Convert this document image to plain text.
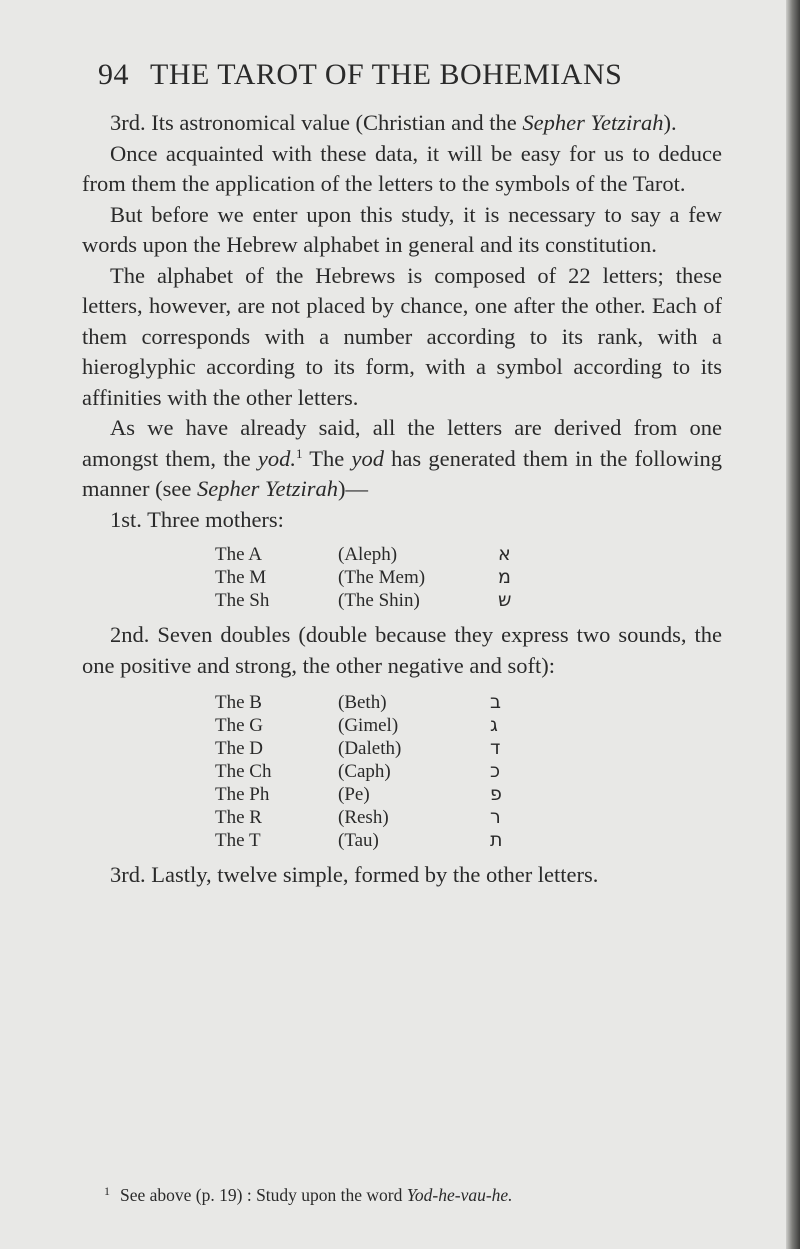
94 THE TAROT OF THE BOHEMIANS

3rd. Its astronomical value (Christian and the Sepher Yetzirah).

Once acquainted with these data, it will be easy for us to deduce from them the application of the letters to the symbols of the Tarot.

But before we enter upon this study, it is necessary to say a few words upon the Hebrew alphabet in general and its constitution.

The alphabet of the Hebrews is composed of 22 letters; these letters, however, are not placed by chance, one after the other. Each of them corresponds with a number according to its rank, with a hieroglyphic according to its form, with a symbol according to its affinities with the other letters.

As we have already said, all the letters are derived from one amongst them, the yod.$^1$ The yod has generated them in the following manner (see Sepher Yetzirah)—

1st. Three mothers:

The A	(Aleph)	א
The M	(The Mem)	מ
The Sh	(The Shin)	ש

2nd. Seven doubles (double because they express two sounds, the one positive and strong, the other negative and soft):

The B	(Beth)	ב
The G	(Gimel)	ג
The D	(Daleth)	ד
The Ch	(Caph)	כ
The Ph	(Pe)	פ
The R	(Resh)	ר
The T	(Tau)	ת

3rd. Lastly, twelve simple, formed by the other letters.

$^1$ See above (p. 19) : Study upon the word Yod-he-vau-he.
